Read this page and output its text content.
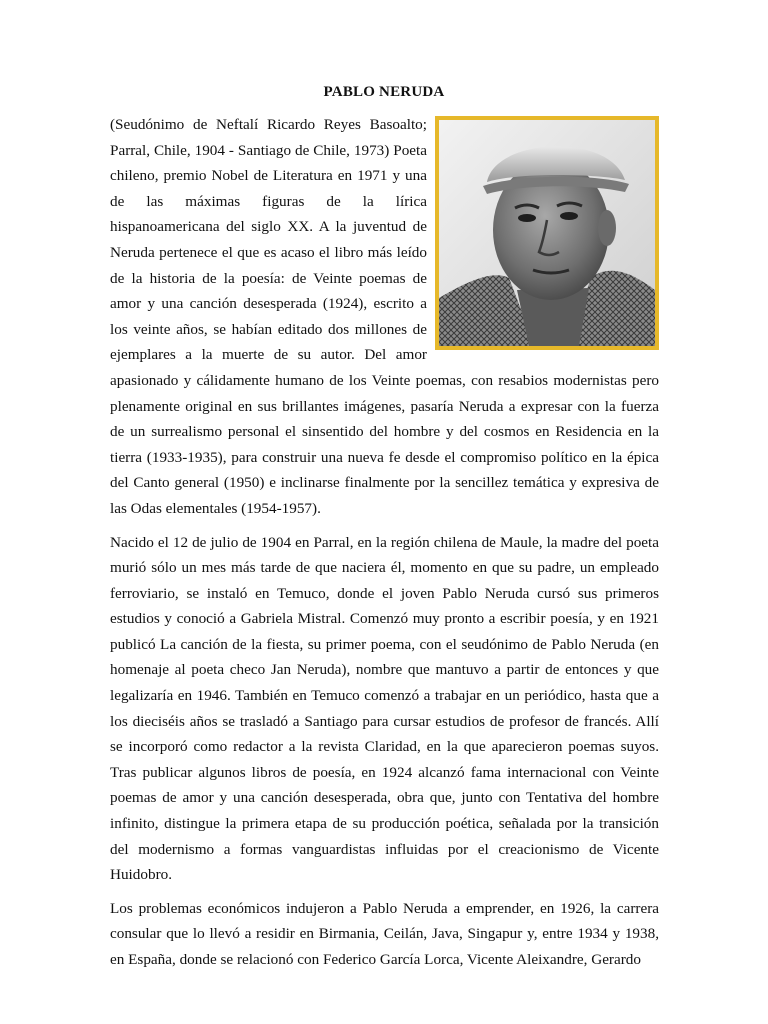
PABLO NERUDA

(Seudónimo de Neftalí Ricardo Reyes Basoalto; Parral, Chile, 1904 - Santiago de Chile, 1973) Poeta chileno, premio Nobel de Literatura en 1971 y una de las máximas figuras de la lírica hispanoamericana del siglo XX. A la juventud de Neruda pertenece el que es acaso el libro más leído de la historia de la poesía: de Veinte poemas de amor y una canción desesperada (1924), escrito a los veinte años, se habían editado dos millones de ejemplares a la muerte de su autor. Del amor apasionado y cálidamente humano de los Veinte poemas, con resabios modernistas pero plenamente original en sus brillantes imágenes, pasaría Neruda a expresar con la fuerza de un surrealismo personal el sinsentido del hombre y del cosmos en Residencia en la tierra (1933-1935), para construir una nueva fe desde el compromiso político en la épica del Canto general (1950) e inclinarse finalmente por la sencillez temática y expresiva de las Odas elementales (1954-1957).

Nacido el 12 de julio de 1904 en Parral, en la región chilena de Maule, la madre del poeta murió sólo un mes más tarde de que naciera él, momento en que su padre, un empleado ferroviario, se instaló en Temuco, donde el joven Pablo Neruda cursó sus primeros estudios y conoció a Gabriela Mistral. Comenzó muy pronto a escribir poesía, y en 1921 publicó La canción de la fiesta, su primer poema, con el seudónimo de Pablo Neruda (en homenaje al poeta checo Jan Neruda), nombre que mantuvo a partir de entonces y que legalizaría en 1946. También en Temuco comenzó a trabajar en un periódico, hasta que a los dieciséis años se trasladó a Santiago para cursar estudios de profesor de francés. Allí se incorporó como redactor a la revista Claridad, en la que aparecieron poemas suyos. Tras publicar algunos libros de poesía, en 1924 alcanzó fama internacional con Veinte poemas de amor y una canción desesperada, obra que, junto con Tentativa del hombre infinito, distingue la primera etapa de su producción poética, señalada por la transición del modernismo a formas vanguardistas influidas por el creacionismo de Vicente Huidobro.

Los problemas económicos indujeron a Pablo Neruda a emprender, en 1926, la carrera consular que lo llevó a residir en Birmania, Ceilán, Java, Singapur y, entre 1934 y 1938, en España, donde se relacionó con Federico García Lorca, Vicente Aleixandre, Gerardo
